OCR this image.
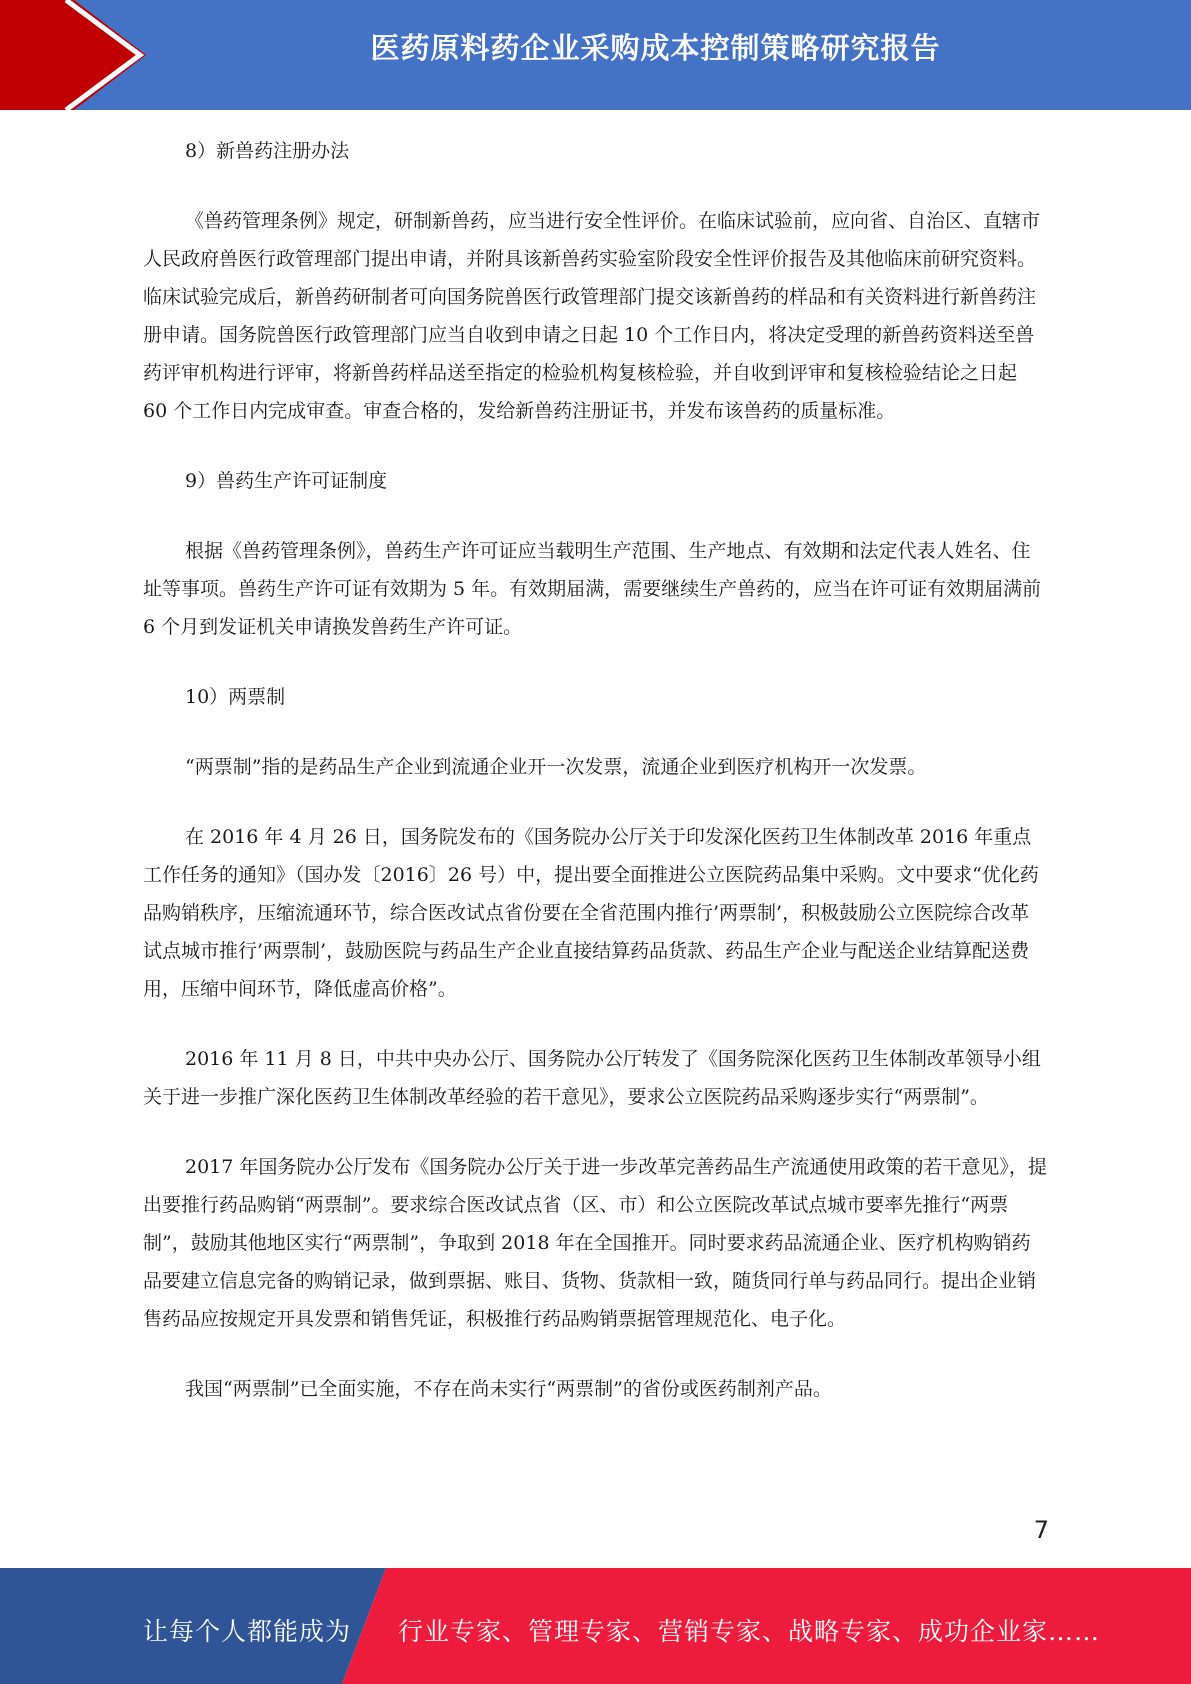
医药原料药企业采购成本控制策略研究报告

8）新兽药注册办法

《兽药管理条例》规定，研制新兽药，应当进行安全性评价。在临床试验前，应向省、自治区、直辖市人民政府兽医行政管理部门提出申请，并附具该新兽药实验室阶段安全性评价报告及其他临床前研究资料。临床试验完成后，新兽药研制者可向国务院兽医行政管理部门提交该新兽药的样品和有关资料进行新兽药注册申请。国务院兽医行政管理部门应当自收到申请之日起 10 个工作日内，将决定受理的新兽药资料送至兽药评审机构进行评审，将新兽药样品送至指定的检验机构复核检验，并自收到评审和复核检验结论之日起 60 个工作日内完成审查。审查合格的，发给新兽药注册证书，并发布该兽药的质量标准。

9）兽药生产许可证制度

根据《兽药管理条例》，兽药生产许可证应当载明生产范围、生产地点、有效期和法定代表人姓名、住址等事项。兽药生产许可证有效期为 5 年。有效期届满，需要继续生产兽药的，应当在许可证有效期届满前 6 个月到发证机关申请换发兽药生产许可证。

10）两票制

“两票制”指的是药品生产企业到流通企业开一次发票，流通企业到医疗机构开一次发票。

在 2016 年 4 月 26 日，国务院发布的《国务院办公厅关于印发深化医药卫生体制改革 2016 年重点工作任务的通知》（国办发〔2016〕26 号）中，提出要全面推进公立医院药品集中采购。文中要求“优化药品购销秩序，压缩流通环节，综合医改试点省份要在全省范围内推行’两票制’，积极鼓励公立医院综合改革试点城市推行’两票制’，鼓励医院与药品生产企业直接结算药品货款、药品生产企业与配送企业结算配送费用，压缩中间环节，降低虚高价格”。

2016 年 11 月 8 日，中共中央办公厅、国务院办公厅转发了《国务院深化医药卫生体制改革领导小组关于进一步推广深化医药卫生体制改革经验的若干意见》，要求公立医院药品采购逐步实行“两票制”。

2017 年国务院办公厅发布《国务院办公厅关于进一步改革完善药品生产流通使用政策的若干意见》，提出要推行药品购销“两票制”。要求综合医改试点省（区、市）和公立医院改革试点城市要率先推行“两票制”，鼓励其他地区实行“两票制”，争取到 2018 年在全国推开。同时要求药品流通企业、医疗机构购销药品要建立信息完备的购销记录，做到票据、账目、货物、货款相一致，随货同行单与药品同行。提出企业销售药品应按规定开具发票和销售凭证，积极推行药品购销票据管理规范化、电子化。

我国“两票制”已全面实施，不存在尚未实行“两票制”的省份或医药制剂产品。

7
让每个人都能成为 行业专家、管理专家、营销专家、战略专家、成功企业家……
